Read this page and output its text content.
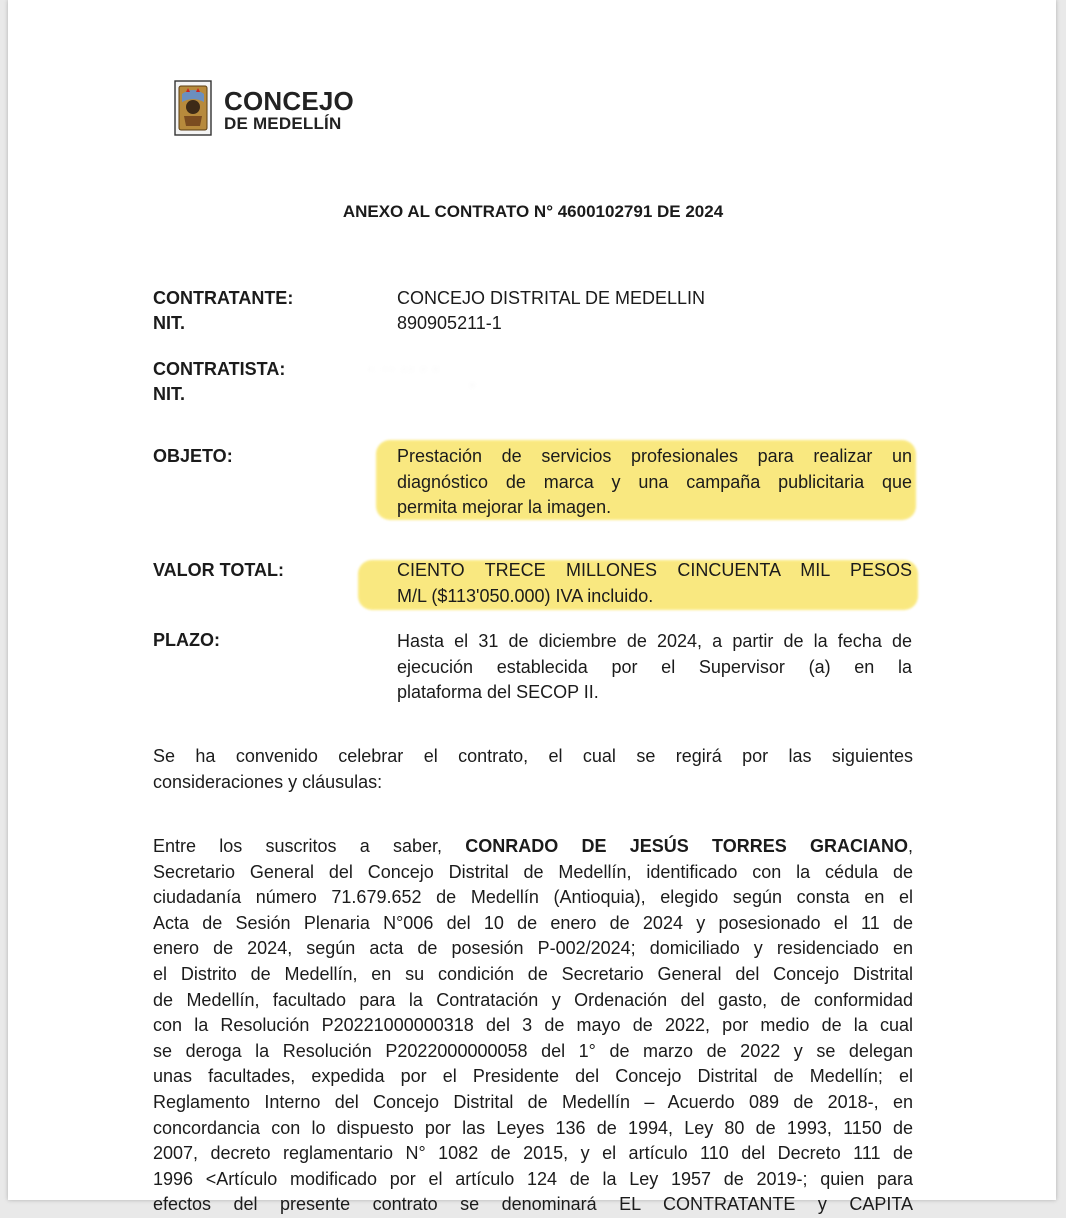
CONCEJO
DE MEDELLÍN
ANEXO AL CONTRATO N° 4600102791 DE 2024
CONTRATANTE:	CONCEJO DISTRITAL DE MEDELLIN
NIT.	890905211-1
CONTRATISTA:
NIT.
OBJETO:	Prestación de servicios profesionales para realizar un
diagnóstico de marca y una campaña publicitaria que
permita mejorar la imagen.
VALOR TOTAL:	CIENTO TRECE MILLONES CINCUENTA MIL PESOS
M/L ($113'050.000) IVA incluido.
PLAZO:	Hasta el 31 de diciembre de 2024, a partir de la fecha de
ejecución establecida por el Supervisor (a) en la
plataforma del SECOP II.
Se ha convenido celebrar el contrato, el cual se regirá por las siguientes
consideraciones y cláusulas:
Entre los suscritos a saber, CONRADO DE JESÚS TORRES GRACIANO,
Secretario General del Concejo Distrital de Medellín, identificado con la cédula de
ciudadanía número 71.679.652 de Medellín (Antioquia), elegido según consta en el
Acta de Sesión Plenaria N°006 del 10 de enero de 2024 y posesionado el 11 de
enero de 2024, según acta de posesión P-002/2024; domiciliado y residenciado en
el Distrito de Medellín, en su condición de Secretario General del Concejo Distrital
de Medellín, facultado para la Contratación y Ordenación del gasto, de conformidad
con la Resolución P20221000000318 del 3 de mayo de 2022, por medio de la cual
se deroga la Resolución P2022000000058 del 1° de marzo de 2022 y se delegan
unas facultades, expedida por el Presidente del Concejo Distrital de Medellín; el
Reglamento Interno del Concejo Distrital de Medellín – Acuerdo 089 de 2018-, en
concordancia con lo dispuesto por las Leyes 136 de 1994, Ley 80 de 1993, 1150 de
2007, decreto reglamentario N° 1082 de 2015, y el artículo 110 del Decreto 111 de
1996 <Artículo modificado por el artículo 124 de la Ley 1957 de 2019-; quien para
efectos del presente contrato se denominará EL CONTRATANTE y CAPITA
